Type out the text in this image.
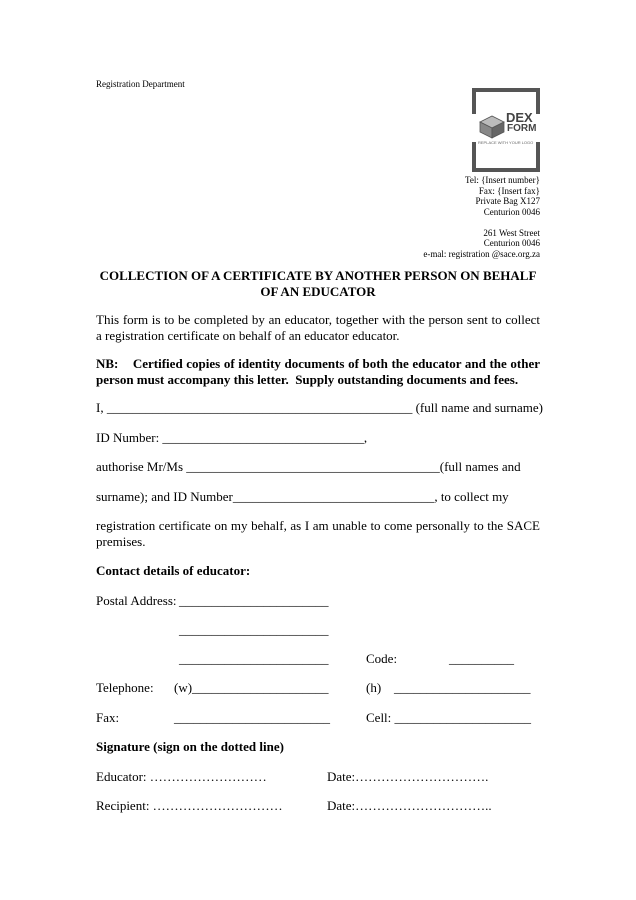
Registration Department
DEX
FORM
REPLACE WITH YOUR LOGO
Tel: {Insert number}
Fax: {Insert fax}
Private Bag X127
Centurion 0046
261 West Street
Centurion 0046
e-mal: registration @sace.org.za
COLLECTION OF A CERTIFICATE BY ANOTHER PERSON ON BEHALF
OF AN EDUCATOR
This form is to be completed by an educator, together with the person sent to collect a registration certificate on behalf of an educator educator.
NB:    Certified copies of identity documents of both the educator and the other person must accompany this letter.  Supply outstanding documents and fees.
I, _______________________________________________ (full name and surname)
ID Number: _______________________________,
authorise Mr/Ms _______________________________________(full names and
surname); and ID Number_______________________________, to collect my
registration certificate on my behalf, as I am unable to come personally to the SACE premises.
Contact details of educator:
Postal Address: _______________________
_______________________
_______________________	Code:	__________
Telephone: (w)_____________________	(h) _____________________
Fax:	________________________	Cell: _____________________
Signature (sign on the dotted line)
Educator: ………………………	Date:………………………….
Recipient: …………………………	Date:…………………………..
